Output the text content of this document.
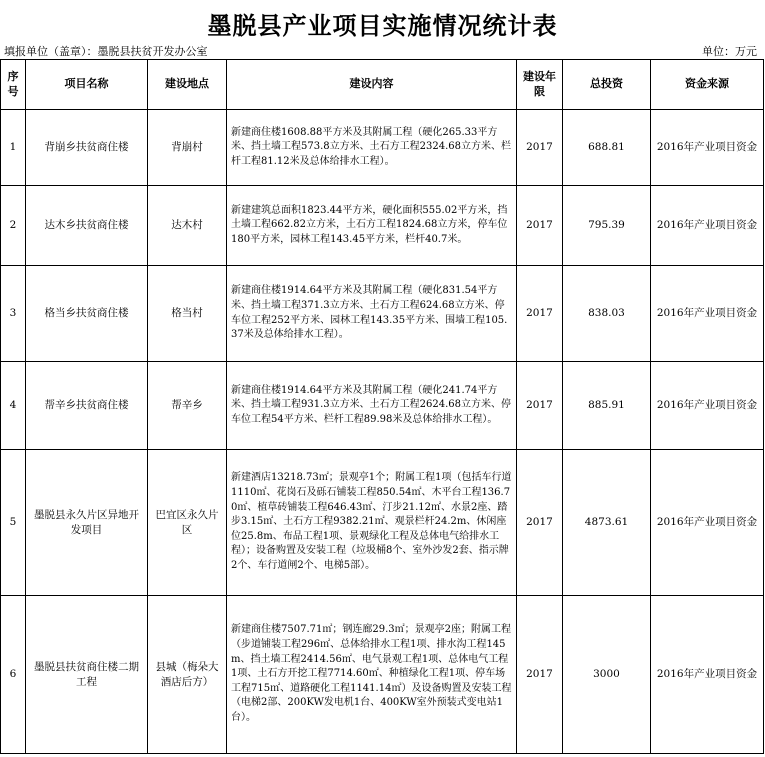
墨脱县产业项目实施情况统计表
填报单位（盖章）：墨脱县扶贫开发办公室	单位：万元
序号	项目名称	建设地点	建设内容	建设年限	总投资	资金来源
1	背崩乡扶贫商住楼	背崩村	新建商住楼1608.88平方米及其附属工程（硬化265.33平方米、挡土墙工程573.8立方米、土石方工程2324.68立方米、栏杆工程81.12米及总体给排水工程）。	2017	688.81	2016年产业项目资金
2	达木乡扶贫商住楼	达木村	新建建筑总面积1823.44平方米，硬化面积555.02平方米，挡土墙工程662.82立方米，土石方工程1824.68立方米，停车位180平方米，园林工程143.45平方米，栏杆40.7米。	2017	795.39	2016年产业项目资金
3	格当乡扶贫商住楼	格当村	新建商住楼1914.64平方米及其附属工程（硬化831.54平方米、挡土墙工程371.3立方米、土石方工程624.68立方米、停车位工程252平方米、园林工程143.35平方米、围墙工程105.37米及总体给排水工程）。	2017	838.03	2016年产业项目资金
4	帮辛乡扶贫商住楼	帮辛乡	新建商住楼1914.64平方米及其附属工程（硬化241.74平方米、挡土墙工程931.3立方米、土石方工程2624.68立方米、停车位工程54平方米、栏杆工程89.98米及总体给排水工程）。	2017	885.91	2016年产业项目资金
5	墨脱县永久片区异地开发项目	巴宜区永久片区	新建酒店13218.73㎡；景观亭1个；附属工程1项（包括车行道1110㎡、花岗石及砾石铺装工程850.54㎡、木平台工程136.70㎡、植草砖铺装工程646.43㎡、汀步21.12㎡、水景2座、踏步3.15㎡、土石方工程9382.21㎡、观景栏杆24.2m、休闲座位25.8m、布品工程1项、景观绿化工程及总体电气给排水工程）；设备购置及安装工程（垃圾桶8个、室外沙发2套、指示牌2个、车行道闸2个、电梯5部）。	2017	4873.61	2016年产业项目资金
6	墨脱县扶贫商住楼二期工程	县城（梅朵大酒店后方）	新建商住楼7507.71㎡；钢连廊29.3㎡；景观亭2座；附属工程（步道铺装工程296㎡、总体给排水工程1项、排水沟工程145m、挡土墙工程2414.56㎡、电气景观工程1项、总体电气工程1项、土石方开挖工程7714.60㎡、种植绿化工程1项、停车场工程715㎡、道路硬化工程1141.14㎡）及设备购置及安装工程（电梯2部、200KW发电机1台、400KW室外预装式变电站1台）。	2017	3000	2016年产业项目资金
